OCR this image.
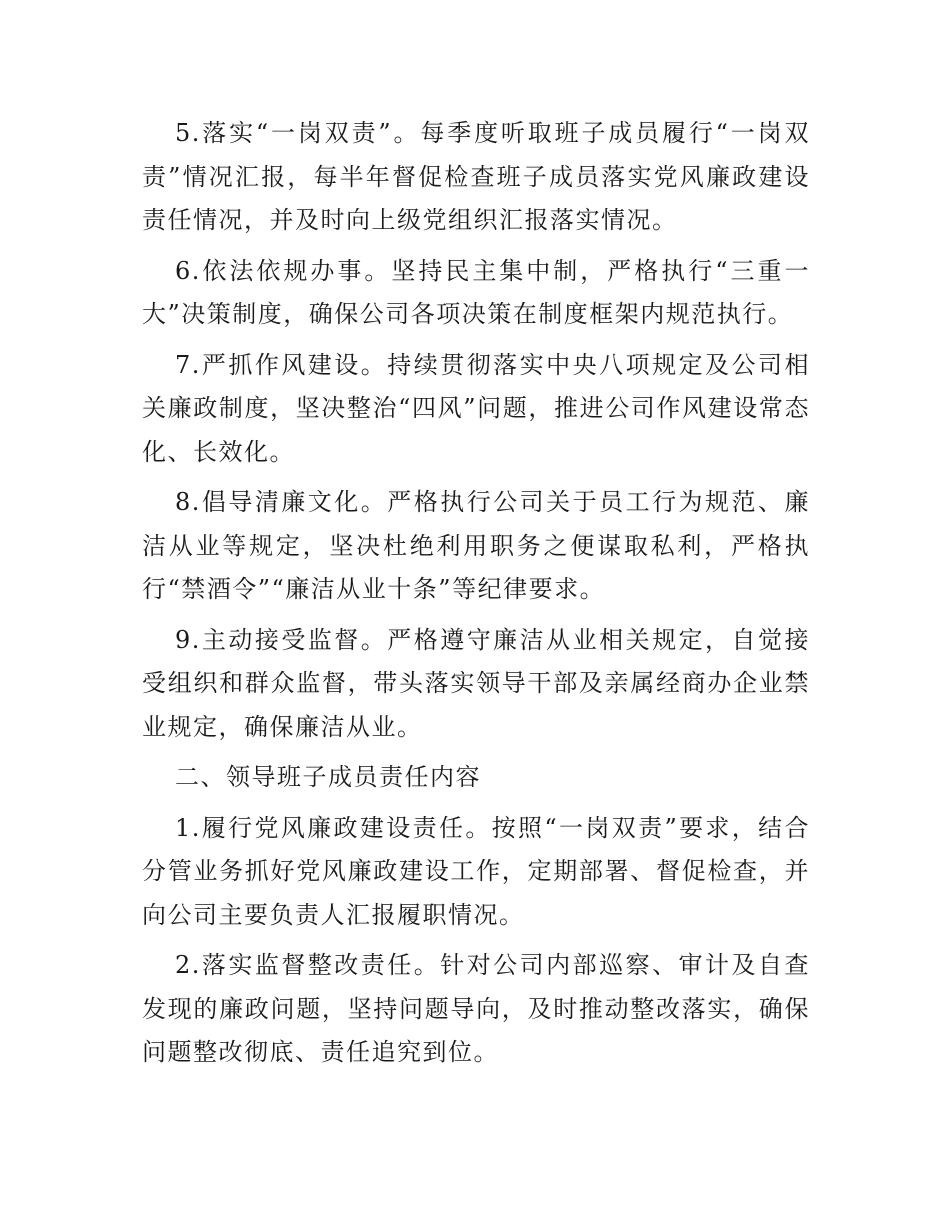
5.落实“一岗双责”。每季度听取班子成员履行“一岗双责”情况汇报，每半年督促检查班子成员落实党风廉政建设责任情况，并及时向上级党组织汇报落实情况。

6.依法依规办事。坚持民主集中制，严格执行“三重一大”决策制度，确保公司各项决策在制度框架内规范执行。

7.严抓作风建设。持续贯彻落实中央八项规定及公司相关廉政制度，坚决整治“四风”问题，推进公司作风建设常态化、长效化。

8.倡导清廉文化。严格执行公司关于员工行为规范、廉洁从业等规定，坚决杜绝利用职务之便谋取私利，严格执行“禁酒令”“廉洁从业十条”等纪律要求。

9.主动接受监督。严格遵守廉洁从业相关规定，自觉接受组织和群众监督，带头落实领导干部及亲属经商办企业禁业规定，确保廉洁从业。

二、领导班子成员责任内容

1.履行党风廉政建设责任。按照“一岗双责”要求，结合分管业务抓好党风廉政建设工作，定期部署、督促检查，并向公司主要负责人汇报履职情况。

2.落实监督整改责任。针对公司内部巡察、审计及自查发现的廉政问题，坚持问题导向，及时推动整改落实，确保问题整改彻底、责任追究到位。
